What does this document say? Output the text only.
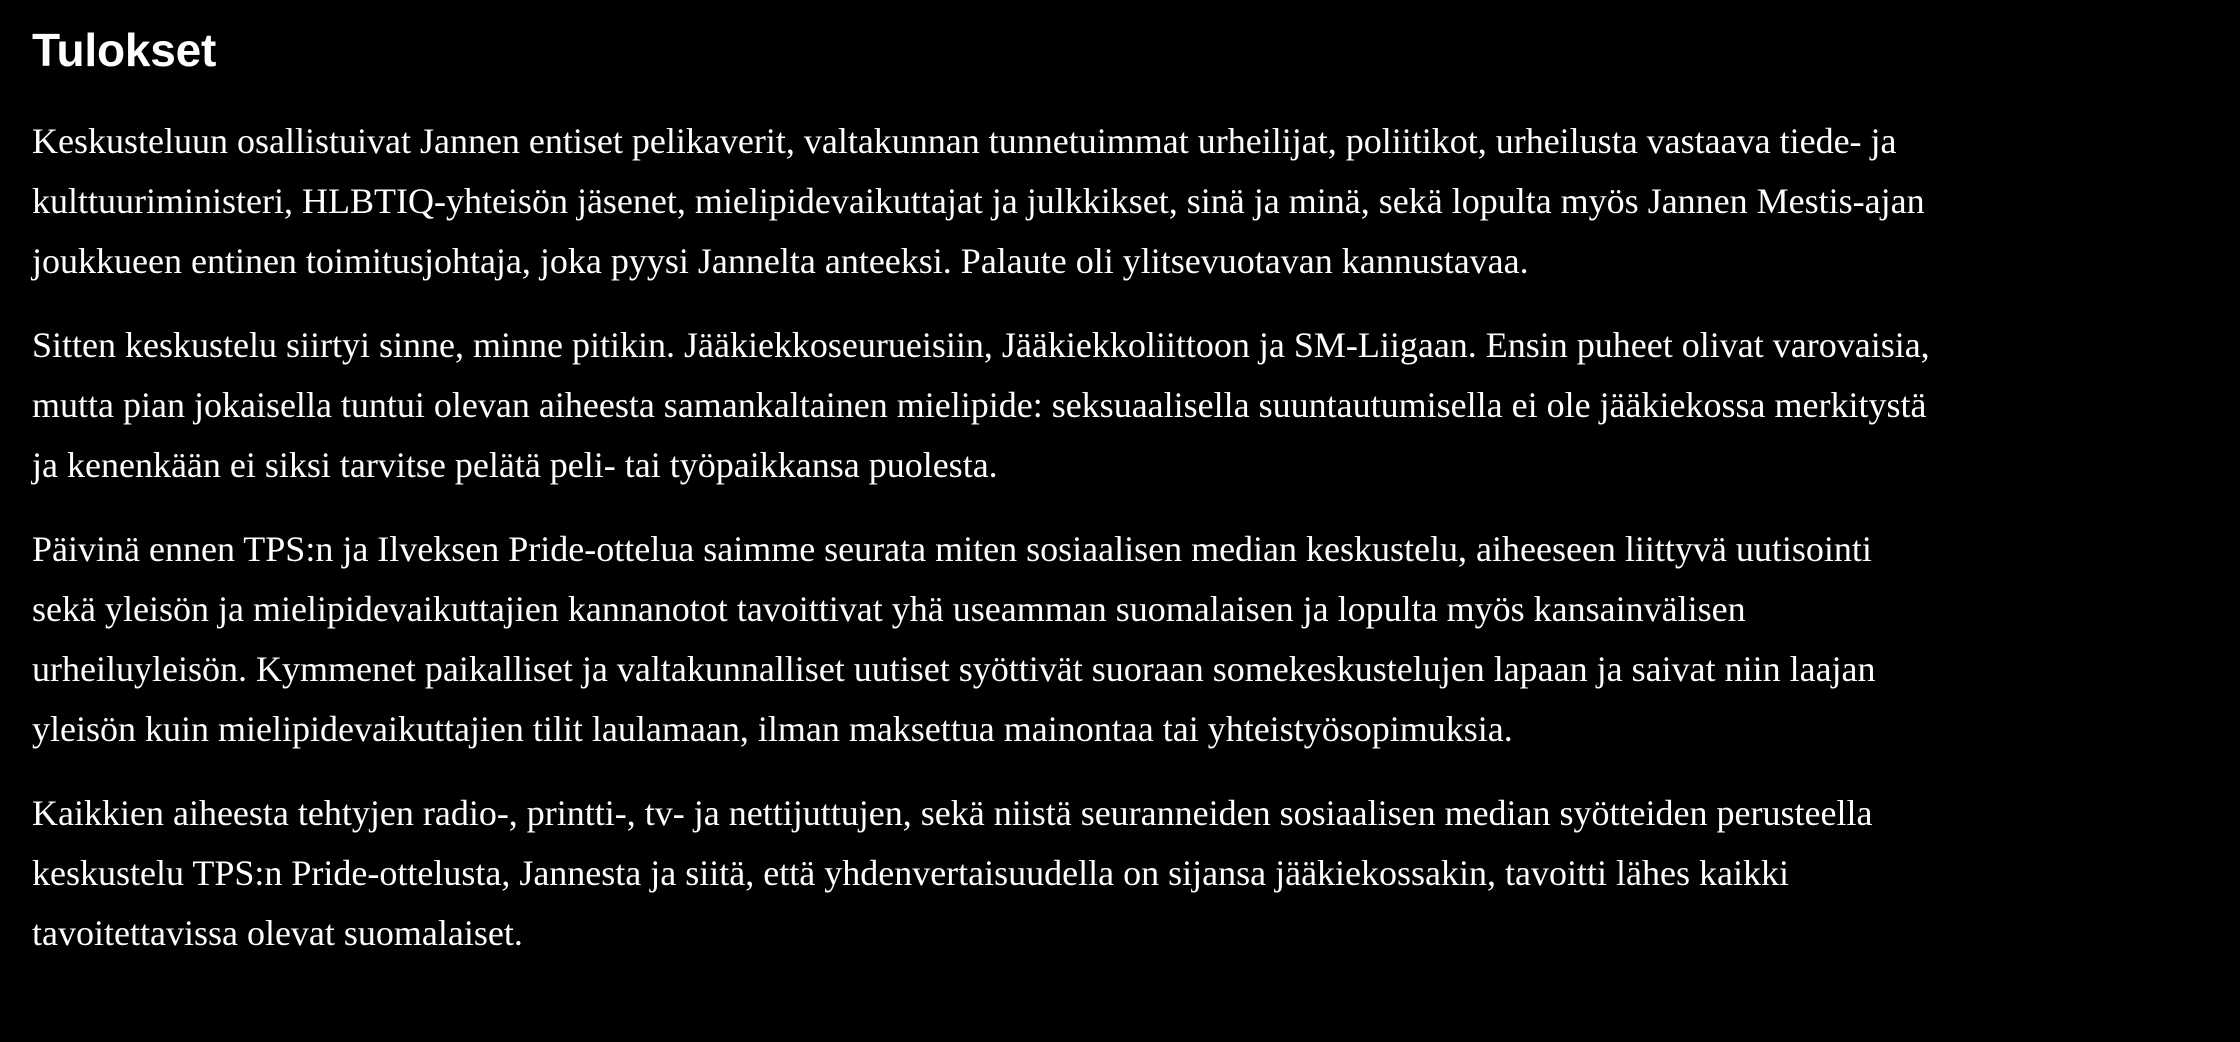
Tulokset

Keskusteluun osallistuivat Jannen entiset pelikaverit, valtakunnan tunnetuimmat urheilijat, poliitikot, urheilusta vastaava tiede- ja
kulttuuriministeri, HLBTIQ-yhteisön jäsenet, mielipidevaikuttajat ja julkkikset, sinä ja minä, sekä lopulta myös Jannen Mestis-ajan
joukkueen entinen toimitusjohtaja, joka pyysi Jannelta anteeksi. Palaute oli ylitsevuotavan kannustavaa.

Sitten keskustelu siirtyi sinne, minne pitikin. Jääkiekkoseurueisiin, Jääkiekkoliittoon ja SM-Liigaan. Ensin puheet olivat varovaisia,
mutta pian jokaisella tuntui olevan aiheesta samankaltainen mielipide: seksuaalisella suuntautumisella ei ole jääkiekossa merkitystä
ja kenenkään ei siksi tarvitse pelätä peli- tai työpaikkansa puolesta.

Päivinä ennen TPS:n ja Ilveksen Pride-ottelua saimme seurata miten sosiaalisen median keskustelu, aiheeseen liittyvä uutisointi
sekä yleisön ja mielipidevaikuttajien kannanotot tavoittivat yhä useamman suomalaisen ja lopulta myös kansainvälisen
urheiluyleisön. Kymmenet paikalliset ja valtakunnalliset uutiset syöttivät suoraan somekeskustelujen lapaan ja saivat niin laajan
yleisön kuin mielipidevaikuttajien tilit laulamaan, ilman maksettua mainontaa tai yhteistyösopimuksia.

Kaikkien aiheesta tehtyjen radio-, printti-, tv- ja nettijuttujen, sekä niistä seuranneiden sosiaalisen median syötteiden perusteella
keskustelu TPS:n Pride-ottelusta, Jannesta ja siitä, että yhdenvertaisuudella on sijansa jääkiekossakin, tavoitti lähes kaikki
tavoitettavissa olevat suomalaiset.
